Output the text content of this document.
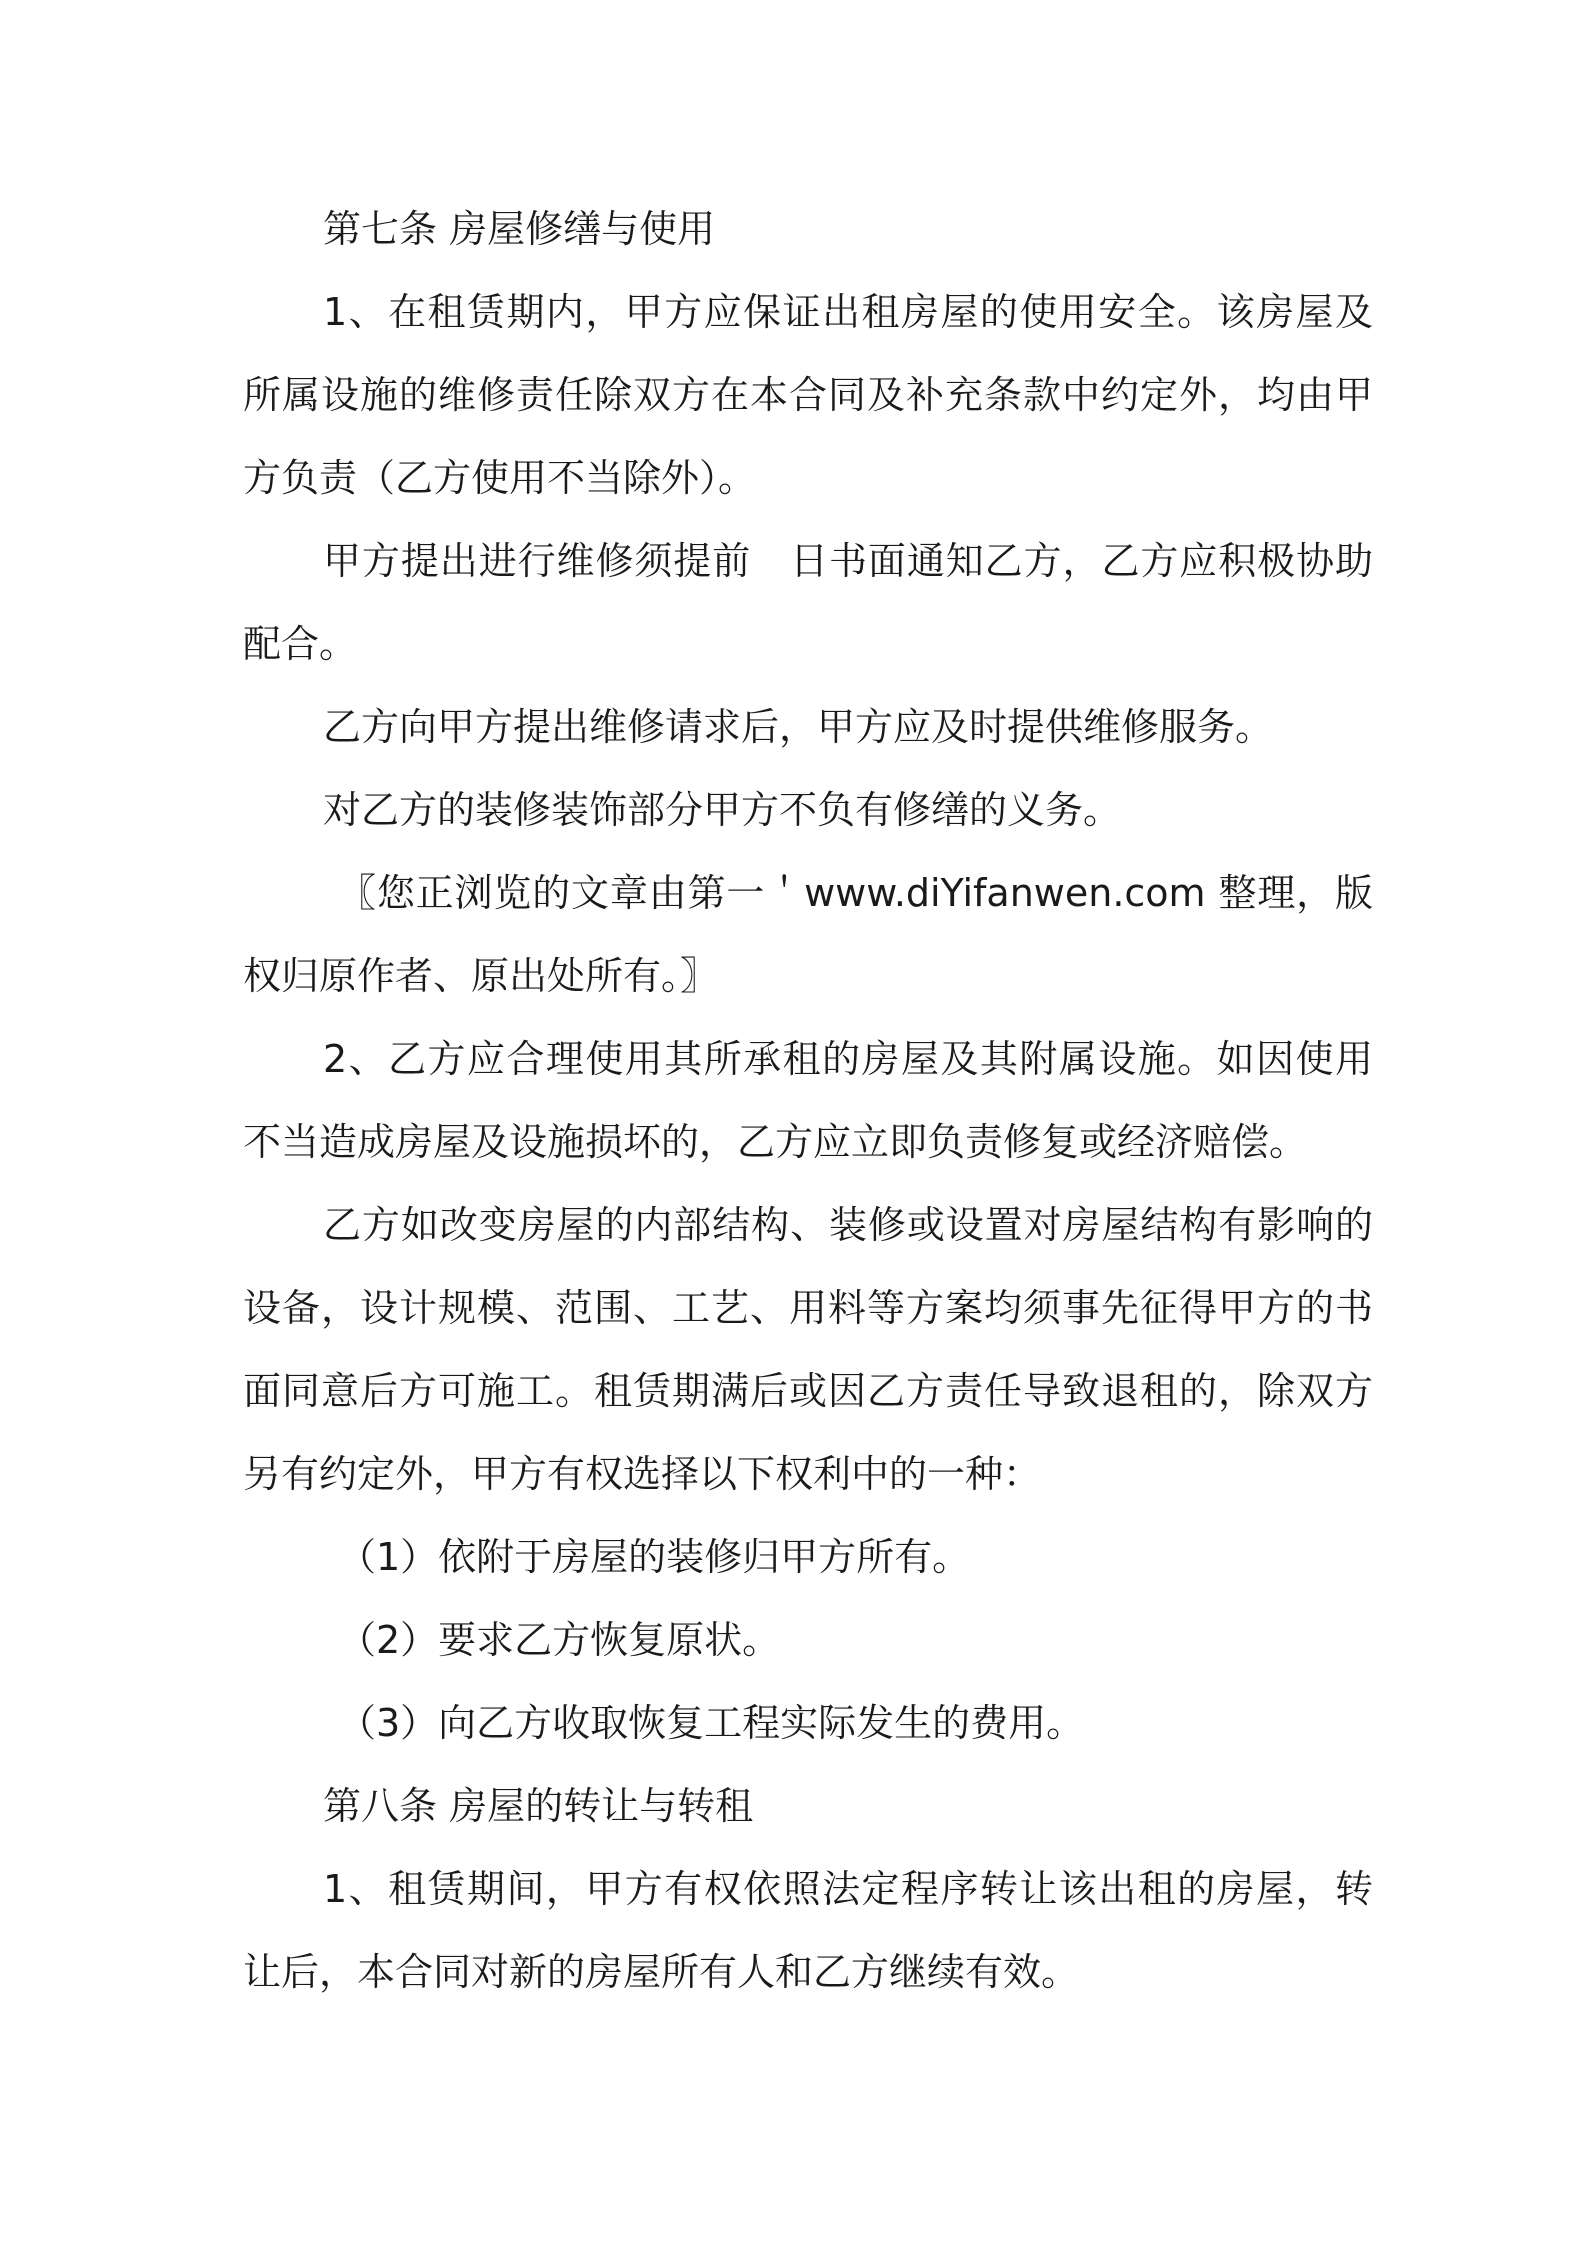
第七条 房屋修缮与使用

1、在租赁期内，甲方应保证出租房屋的使用安全。该房屋及所属设施的维修责任除双方在本合同及补充条款中约定外，均由甲方负责（乙方使用不当除外）。

甲方提出进行维修须提前　日书面通知乙方，乙方应积极协助配合。

乙方向甲方提出维修请求后，甲方应及时提供维修服务。

对乙方的装修装饰部分甲方不负有修缮的义务。

〖您正浏览的文章由第一＇www.diYifanwen.com 整理，版权归原作者、原出处所有。〗

2、乙方应合理使用其所承租的房屋及其附属设施。如因使用不当造成房屋及设施损坏的，乙方应立即负责修复或经济赔偿。

乙方如改变房屋的内部结构、装修或设置对房屋结构有影响的设备，设计规模、范围、工艺、用料等方案均须事先征得甲方的书面同意后方可施工。租赁期满后或因乙方责任导致退租的，除双方另有约定外，甲方有权选择以下权利中的一种：

（1）依附于房屋的装修归甲方所有。

（2）要求乙方恢复原状。

（3）向乙方收取恢复工程实际发生的费用。

第八条 房屋的转让与转租

1、租赁期间，甲方有权依照法定程序转让该出租的房屋，转让后，本合同对新的房屋所有人和乙方继续有效。
